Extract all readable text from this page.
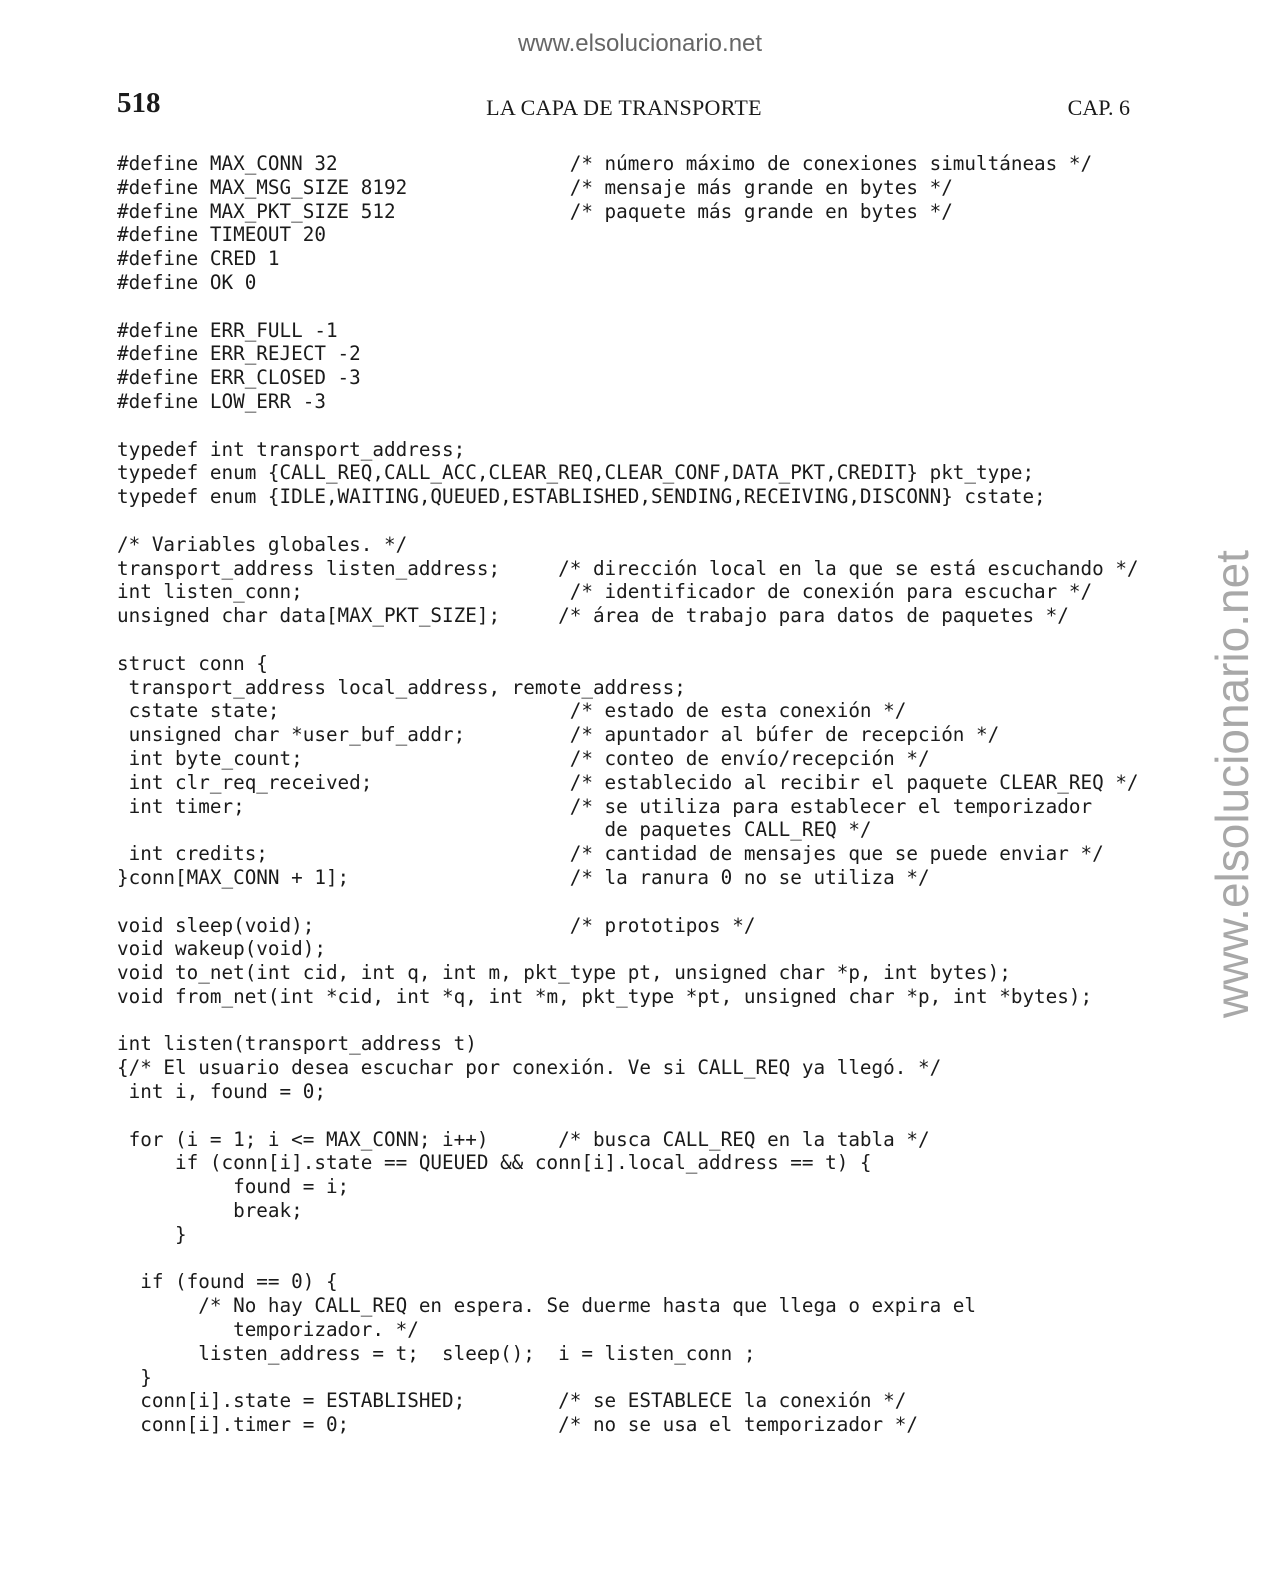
www.elsolucionario.net
www.elsolucionario.net
518	LA CAPA DE TRANSPORTE	CAP. 6
#define MAX_CONN 32                    /* número máximo de conexiones simultáneas */
#define MAX_MSG_SIZE 8192              /* mensaje más grande en bytes */
#define MAX_PKT_SIZE 512               /* paquete más grande en bytes */
#define TIMEOUT 20
#define CRED 1
#define OK 0
#define ERR_FULL -1
#define ERR_REJECT -2
#define ERR_CLOSED -3
#define LOW_ERR -3
typedef int transport_address;
typedef enum {CALL_REQ,CALL_ACC,CLEAR_REQ,CLEAR_CONF,DATA_PKT,CREDIT} pkt_type;
typedef enum {IDLE,WAITING,QUEUED,ESTABLISHED,SENDING,RECEIVING,DISCONN} cstate;
/* Variables globales. */
transport_address listen_address;     /* dirección local en la que se está escuchando */
int listen_conn;                       /* identificador de conexión para escuchar */
unsigned char data[MAX_PKT_SIZE];     /* área de trabajo para datos de paquetes */
struct conn {
transport_address local_address, remote_address;
cstate state;                         /* estado de esta conexión */
unsigned char *user_buf_addr;         /* apuntador al búfer de recepción */
int byte_count;                       /* conteo de envío/recepción */
int clr_req_received;                 /* establecido al recibir el paquete CLEAR_REQ */
int timer;                            /* se utiliza para establecer el temporizador
de paquetes CALL_REQ */
int credits;                          /* cantidad de mensajes que se puede enviar */
}conn[MAX_CONN + 1];                   /* la ranura 0 no se utiliza */
void sleep(void);                      /* prototipos */
void wakeup(void);
void to_net(int cid, int q, int m, pkt_type pt, unsigned char *p, int bytes);
void from_net(int *cid, int *q, int *m, pkt_type *pt, unsigned char *p, int *bytes);
int listen(transport_address t)
{/* El usuario desea escuchar por conexión. Ve si CALL_REQ ya llegó. */
int i, found = 0;
for (i = 1; i <= MAX_CONN; i++)      /* busca CALL_REQ en la tabla */
if (conn[i].state == QUEUED && conn[i].local_address == t) {
found = i;
break;
}
if (found == 0) {
/* No hay CALL_REQ en espera. Se duerme hasta que llega o expira el
temporizador. */
listen_address = t;  sleep();  i = listen_conn ;
}
conn[i].state = ESTABLISHED;        /* se ESTABLECE la conexión */
conn[i].timer = 0;                  /* no se usa el temporizador */
